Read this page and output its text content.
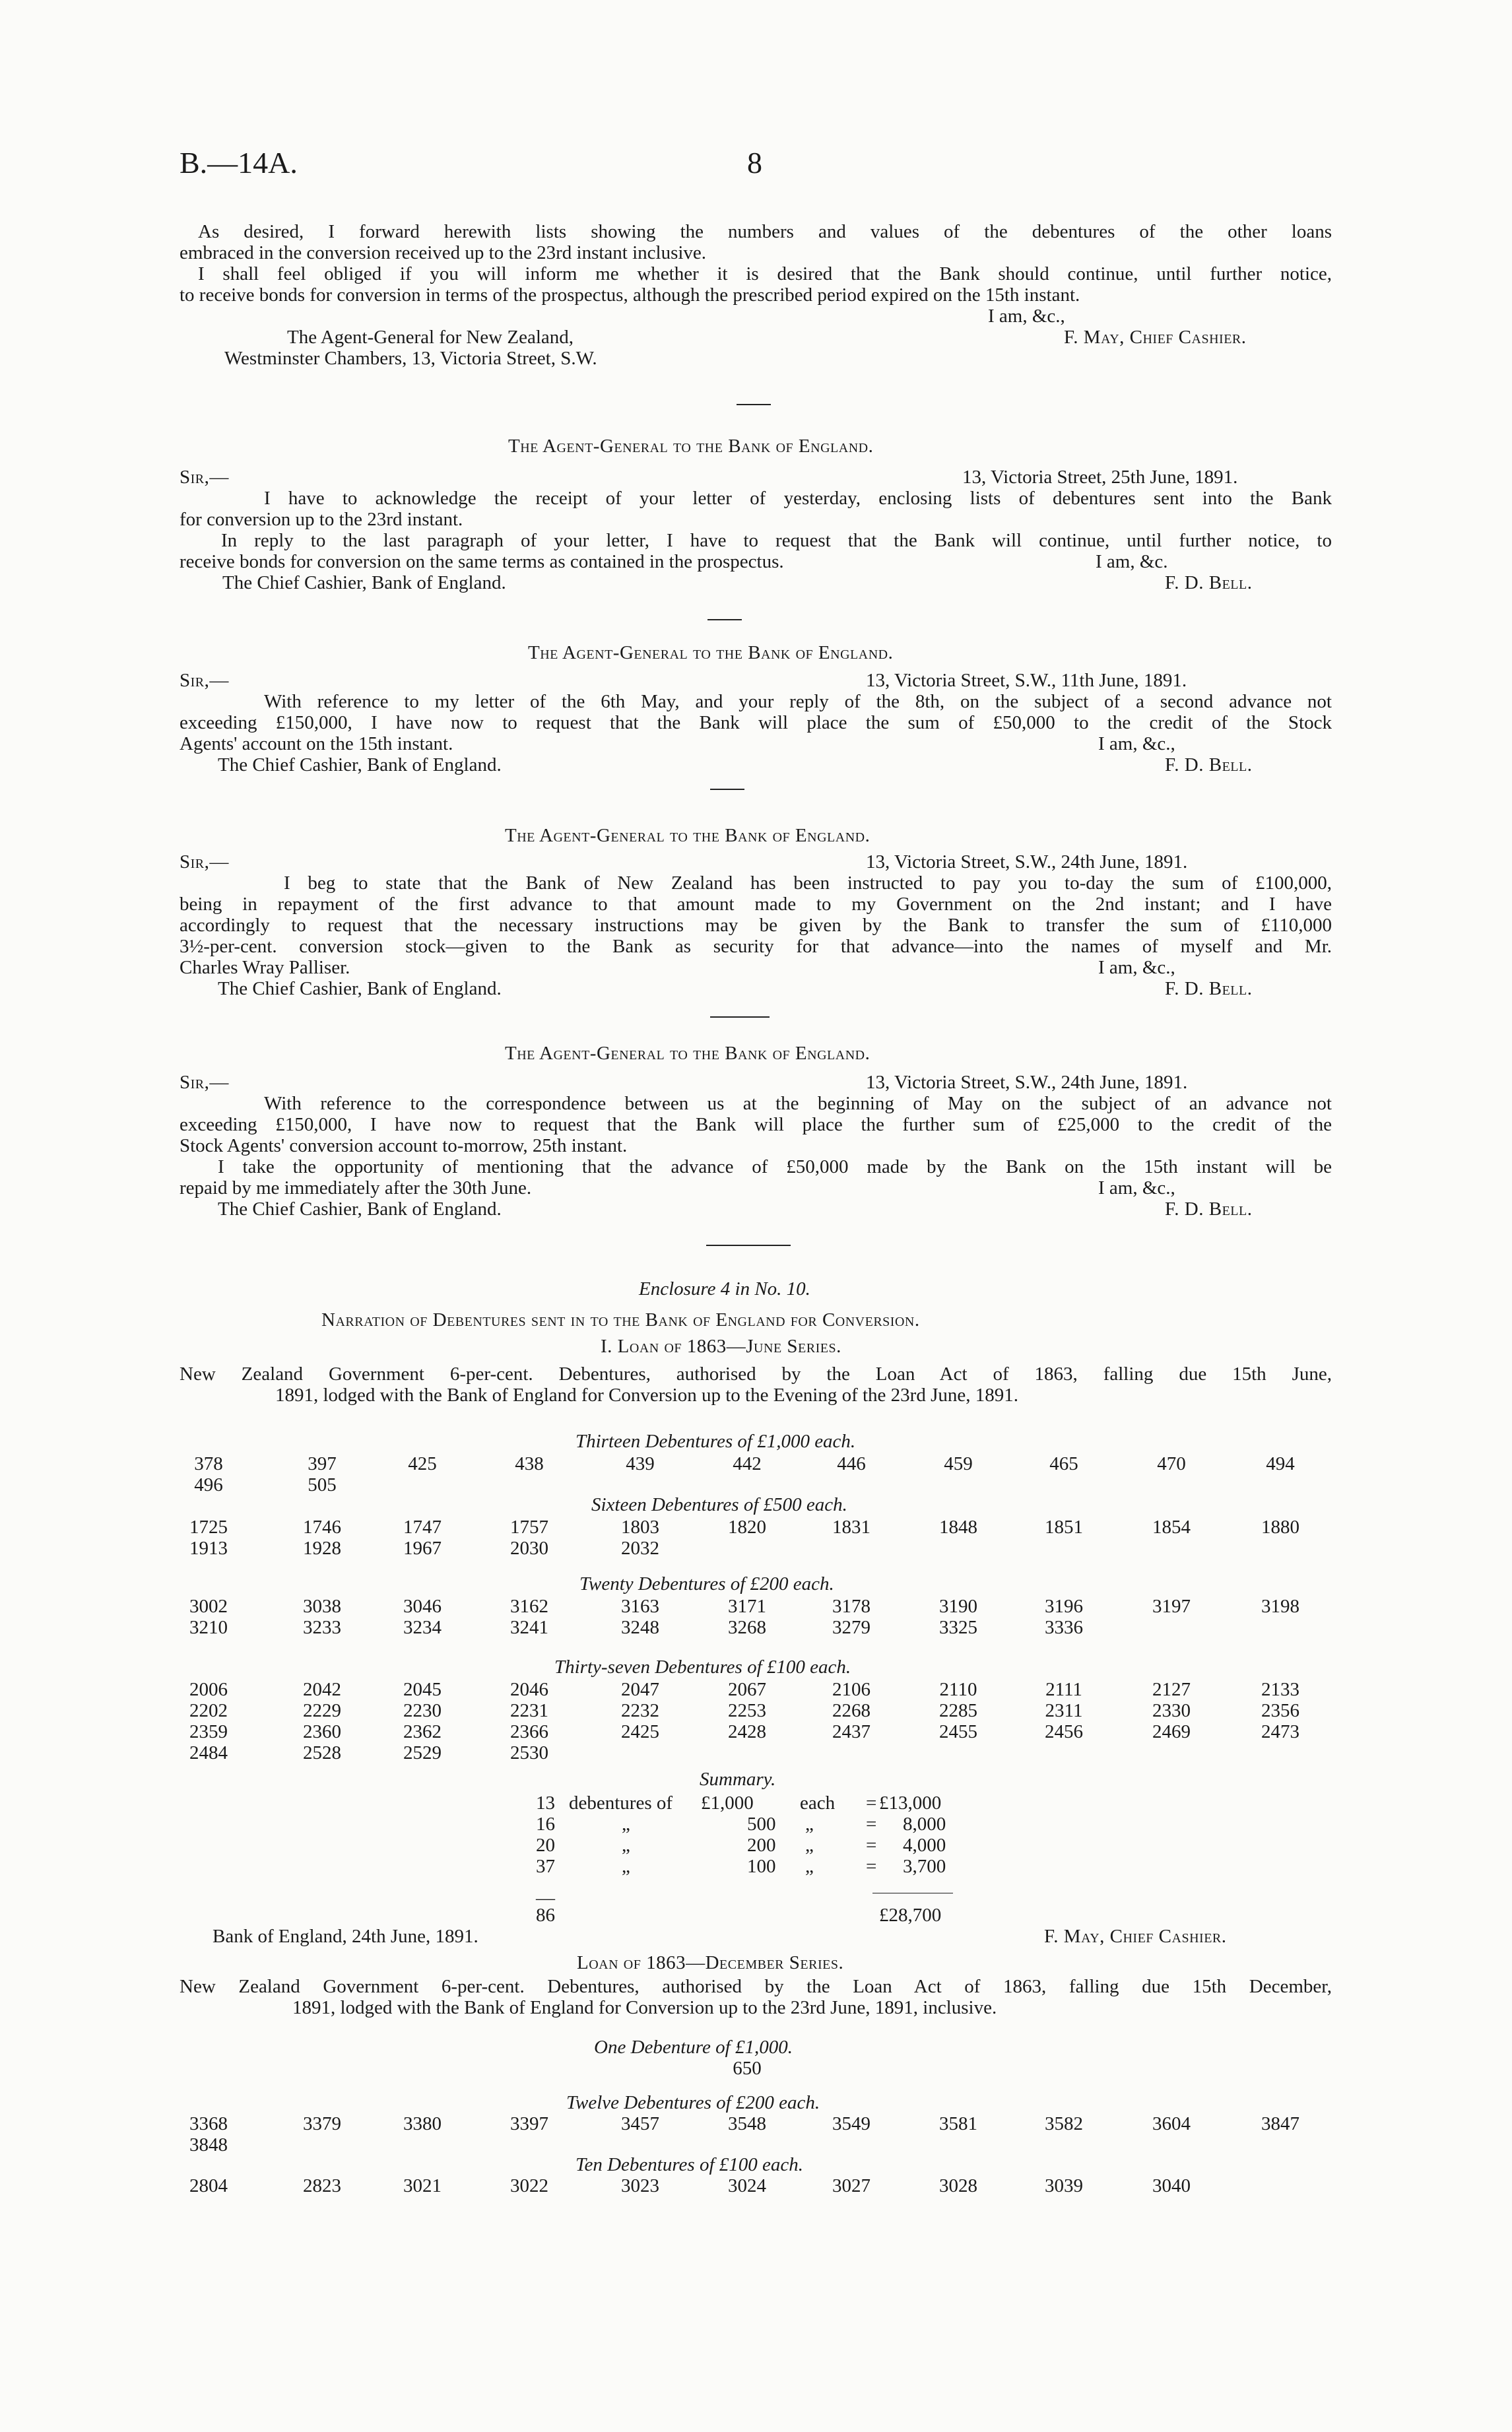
B.—14A.	8
As desired, I forward herewith lists showing the numbers and values of the debentures of the other loans
embraced in the conversion received up to the 23rd instant inclusive.
I shall feel obliged if you will inform me whether it is desired that the Bank should continue, until further notice,
to receive bonds for conversion in terms of the prospectus, although the prescribed period expired on the 15th instant.
I am, &c.,
The Agent-General for New Zealand,	F. May, Chief Cashier.
Westminster Chambers, 13, Victoria Street, S.W.
The Agent-General to the Bank of England.
Sir,—	13, Victoria Street, 25th June, 1891.
I have to acknowledge the receipt of your letter of yesterday, enclosing lists of debentures sent into the Bank
for conversion up to the 23rd instant.
In reply to the last paragraph of your letter, I have to request that the Bank will continue, until further notice, to
receive bonds for conversion on the same terms as contained in the prospectus.	I am, &c.
The Chief Cashier, Bank of England.	F. D. Bell.
The Agent-General to the Bank of England.
Sir,—	13, Victoria Street, S.W., 11th June, 1891.
With reference to my letter of the 6th May, and your reply of the 8th, on the subject of a second advance not
exceeding £150,000, I have now to request that the Bank will place the sum of £50,000 to the credit of the Stock
Agents' account on the 15th instant.	I am, &c.,
The Chief Cashier, Bank of England.	F. D. Bell.
The Agent-General to the Bank of England.
Sir,—	13, Victoria Street, S.W., 24th June, 1891.
I beg to state that the Bank of New Zealand has been instructed to pay you to-day the sum of £100,000,
being in repayment of the first advance to that amount made to my Government on the 2nd instant; and I have
accordingly to request that the necessary instructions may be given by the Bank to transfer the sum of £110,000
3½-per-cent. conversion stock—given to the Bank as security for that advance—into the names of myself and Mr.
Charles Wray Palliser.	I am, &c.,
The Chief Cashier, Bank of England.	F. D. Bell.
The Agent-General to the Bank of England.
Sir,—	13, Victoria Street, S.W., 24th June, 1891.
With reference to the correspondence between us at the beginning of May on the subject of an advance not
exceeding £150,000, I have now to request that the Bank will place the further sum of £25,000 to the credit of the
Stock Agents' conversion account to-morrow, 25th instant.
I take the opportunity of mentioning that the advance of £50,000 made by the Bank on the 15th instant will be
repaid by me immediately after the 30th June.	I am, &c.,
The Chief Cashier, Bank of England.	F. D. Bell.
Enclosure 4 in No. 10.
Narration of Debentures sent in to the Bank of England for Conversion.
I. Loan of 1863—June Series.
New Zealand Government 6-per-cent. Debentures, authorised by the Loan Act of 1863, falling due 15th June,
1891, lodged with the Bank of England for Conversion up to the Evening of the 23rd June, 1891.
Thirteen Debentures of £1,000 each.
378	397	425	438	439	442	446	459	465	470	494
496	505
Sixteen Debentures of £500 each.
1725	1746	1747	1757	1803	1820	1831	1848	1851	1854	1880
1913	1928	1967	2030	2032
Twenty Debentures of £200 each.
3002	3038	3046	3162	3163	3171	3178	3190	3196	3197	3198
3210	3233	3234	3241	3248	3268	3279	3325	3336
Thirty-seven Debentures of £100 each.
2006	2042	2045	2046	2047	2067	2106	2110	2111	2127	2133
2202	2229	2230	2231	2232	2253	2268	2285	2311	2330	2356
2359	2360	2362	2366	2425	2428	2437	2455	2456	2469	2473
2484	2528	2529	2530
Summary.
13 debentures of £1,000 each = £13,000
16	„	500 „	= 8,000
20	„	200 „	= 4,000
37	„	100 „	= 3,700
—
86	£28,700
Bank of England, 24th June, 1891.	F. May, Chief Cashier.
Loan of 1863—December Series.
New Zealand Government 6-per-cent. Debentures, authorised by the Loan Act of 1863, falling due 15th December,
1891, lodged with the Bank of England for Conversion up to the 23rd June, 1891, inclusive.
One Debenture of £1,000.
650
Twelve Debentures of £200 each.
3368	3379	3380	3397	3457	3548	3549	3581	3582	3604	3847
3848
Ten Debentures of £100 each.
2804	2823	3021	3022	3023	3024	3027	3028	3039	3040
